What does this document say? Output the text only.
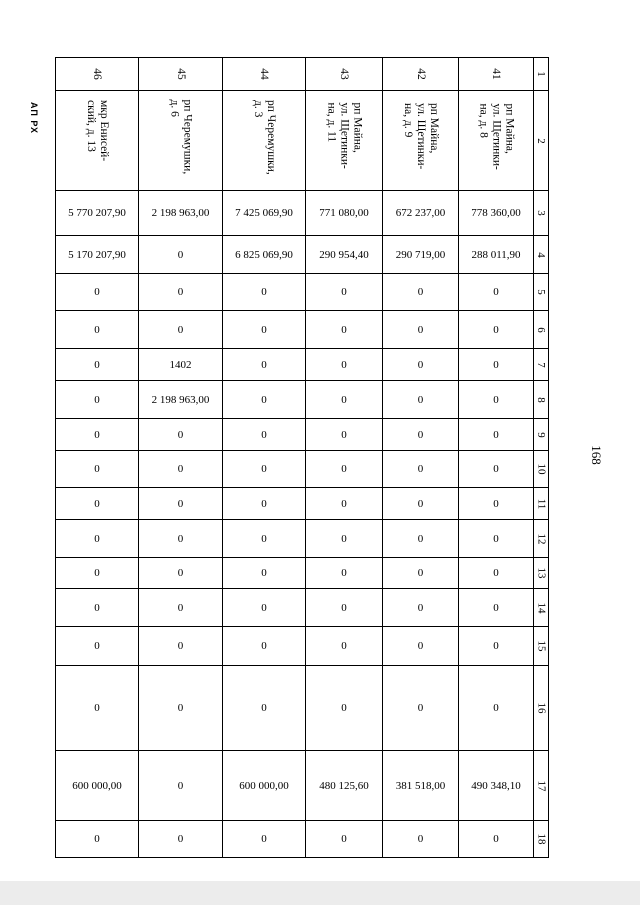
168
АП РХ
1
2
3
4
5
6
7
8
9
10
11
12
13
14
15
16
17
18
41
рп Майна,
ул. Щетинки-
на, д. 8
778 360,00
288 011,90
0
0
0
0
0
0
0
0
0
0
0
0
490 348,10
0
42
рп Майна,
ул. Щетинки-
на, д. 9
672 237,00
290 719,00
0
0
0
0
0
0
0
0
0
0
0
0
381 518,00
0
43
рп Майна,
ул. Щетинки-
на, д. 11
771 080,00
290 954,40
0
0
0
0
0
0
0
0
0
0
0
0
480 125,60
0
44
рп Черемушки,
д. 3
7 425 069,90
6 825 069,90
0
0
0
0
0
0
0
0
0
0
0
0
600 000,00
0
45
рп Черемушки,
д. 6
2 198 963,00
0
0
0
1402
2 198 963,00
0
0
0
0
0
0
0
0
0
0
46
мкр Енисей-
ский, д. 13
5 770 207,90
5 170 207,90
0
0
0
0
0
0
0
0
0
0
0
0
600 000,00
0
